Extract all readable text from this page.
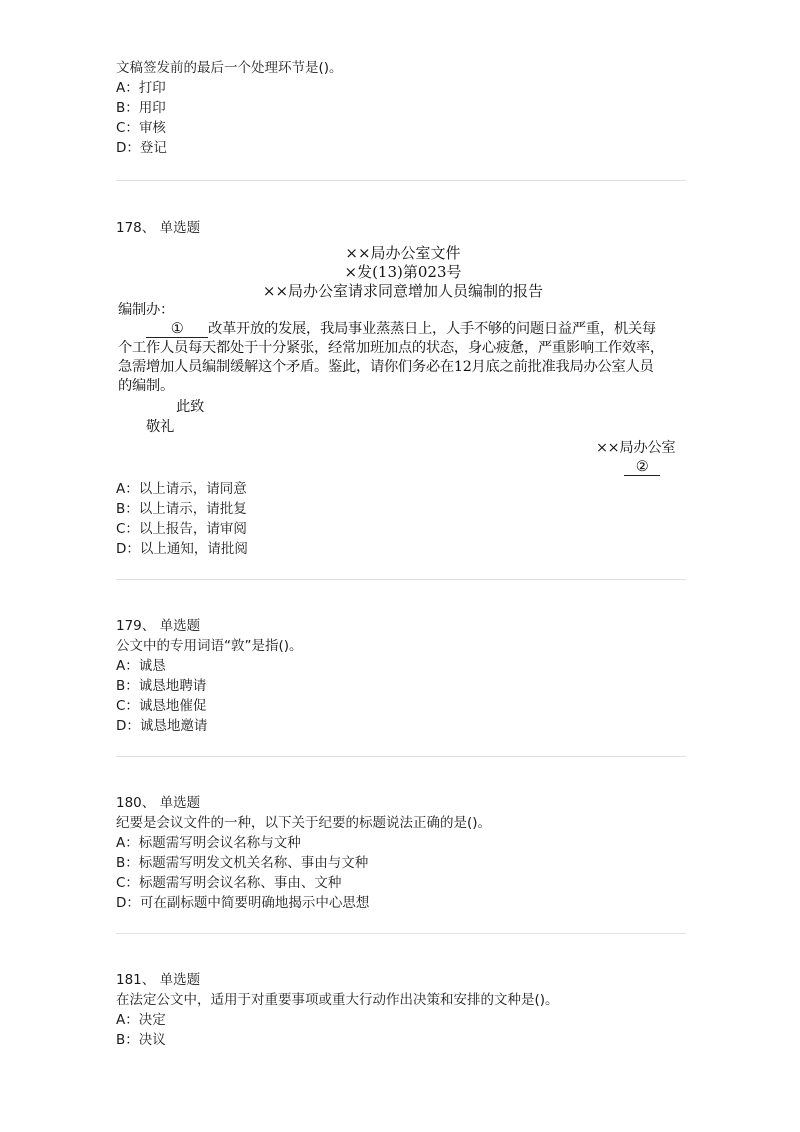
文稿签发前的最后一个处理环节是()。
A：打印
B：用印
C：审核
D：登记
178、 单选题
××局办公室文件
×发(13)第023号
××局办公室请求同意增加人员编制的报告
编制办：
① 改革开放的发展，我局事业蒸蒸日上，人手不够的问题日益严重，机关每
个工作人员每天都处于十分紧张，经常加班加点的状态，身心疲惫，严重影响工作效率，
急需增加人员编制缓解这个矛盾。鉴此，请你们务必在12月底之前批准我局办公室人员
的编制。
此致
敬礼
××局办公室
②
A：以上请示，请同意
B：以上请示，请批复
C：以上报告，请审阅
D：以上通知，请批阅
179、 单选题
公文中的专用词语“敦”是指()。
A：诚恳
B：诚恳地聘请
C：诚恳地催促
D：诚恳地邀请
180、 单选题
纪要是会议文件的一种，以下关于纪要的标题说法正确的是()。
A：标题需写明会议名称与文种
B：标题需写明发文机关名称、事由与文种
C：标题需写明会议名称、事由、文种
D：可在副标题中简要明确地揭示中心思想
181、 单选题
在法定公文中，适用于对重要事项或重大行动作出决策和安排的文种是()。
A：决定
B：决议
